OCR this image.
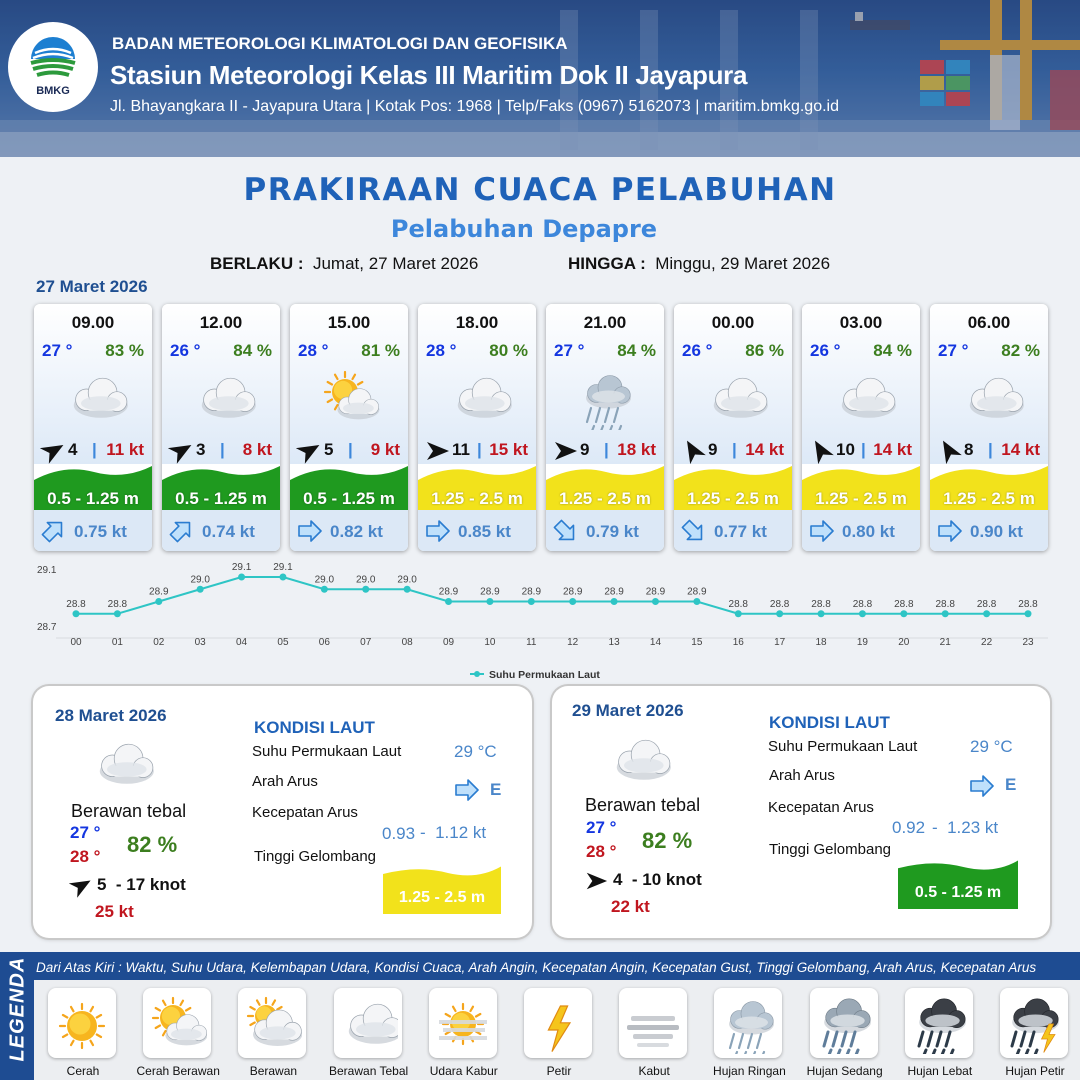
BMKG
BADAN METEOROLOGI KLIMATOLOGI DAN GEOFISIKA
Stasiun Meteorologi Kelas III Maritim Dok II Jayapura
Jl. Bhayangkara II - Jayapura Utara | Kotak Pos: 1968 | Telp/Faks (0967) 5162073 | maritim.bmkg.go.id
PRAKIRAAN CUACA PELABUHAN
Pelabuhan Depapre
BERLAKU : Jumat, 27 Maret 2026	HINGGA : Minggu, 29 Maret 2026
27 Maret 2026
09.00
27 ° 83 %
4 | 11 kt
0.5 - 1.25 m
0.75 kt
12.00
26 ° 84 %
3 | 8 kt
0.5 - 1.25 m
0.74 kt
15.00
28 ° 81 %
5 | 9 kt
0.5 - 1.25 m
0.82 kt
18.00
28 ° 80 %
11 | 15 kt
1.25 - 2.5 m
0.85 kt
21.00
27 ° 84 %
9 | 18 kt
1.25 - 2.5 m
0.79 kt
00.00
26 ° 86 %
9 | 14 kt
1.25 - 2.5 m
0.77 kt
03.00
26 ° 84 %
10 | 14 kt
1.25 - 2.5 m
0.80 kt
06.00
27 ° 82 %
8 | 14 kt
1.25 - 2.5 m
0.90 kt
29.1
28.7
28.8
00
28.8
01
28.9
02
29.0
03
29.1
04
29.1
05
29.0
06
29.0
07
29.0
08
28.9
09
28.9
10
28.9
11
28.9
12
28.9
13
28.9
14
28.9
15
28.8
16
28.8
17
28.8
18
28.8
19
28.8
20
28.8
21
28.8
22
28.8
23
Suhu Permukaan Laut
28 Maret 2026
Berawan tebal
27 °
28 ° 82 %
5  - 17 knot
25 kt
KONDISI LAUT
Suhu Permukaan Laut	29 °C
Arah Arus	E
Kecepatan Arus
0.93 -  1.12 kt
Tinggi Gelombang
1.25 - 2.5 m
29 Maret 2026
Berawan tebal
27 °
28 ° 82 %
4  - 10 knot
22 kt
KONDISI LAUT
Suhu Permukaan Laut	29 °C
Arah Arus	E
Kecepatan Arus
0.92 -  1.23 kt
Tinggi Gelombang
0.5 - 1.25 m
LEGENDA Dari Atas Kiri : Waktu, Suhu Udara, Kelembapan Udara, Kondisi Cuaca, Arah Angin, Kecepatan Angin, Kecepatan Gust, Tinggi Gelombang, Arah Arus, Kecepatan Arus
Cerah	Cerah Berawan	Berawan	Berawan Tebal	Udara Kabur	Petir	Kabut	Hujan Ringan	Hujan Sedang	Hujan Lebat	Hujan Petir
